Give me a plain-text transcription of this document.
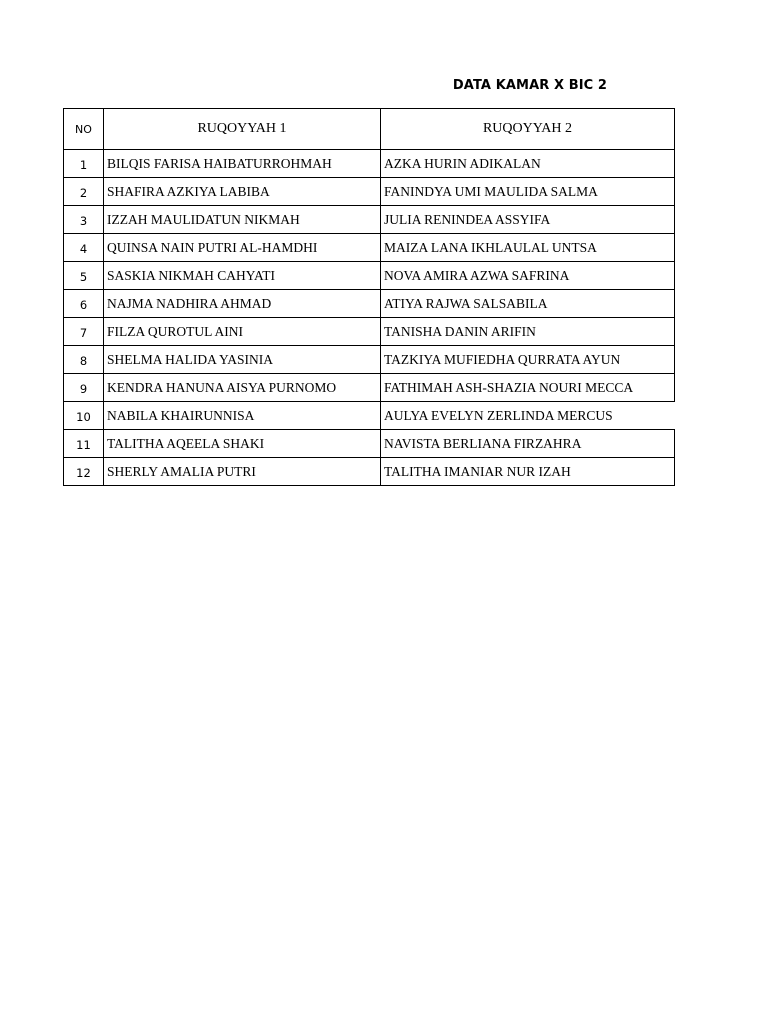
DATA KAMAR X BIC 2
NO	RUQOYYAH 1	RUQOYYAH 2
1	BILQIS FARISA HAIBATURROHMAH	AZKA HURIN ADIKALAN
2	SHAFIRA AZKIYA LABIBA	FANINDYA UMI MAULIDA SALMA
3	IZZAH MAULIDATUN NIKMAH	JULIA RENINDEA ASSYIFA
4	QUINSA NAIN PUTRI AL-HAMDHI	MAIZA LANA IKHLAULAL UNTSA
5	SASKIA NIKMAH CAHYATI	NOVA AMIRA AZWA SAFRINA
6	NAJMA NADHIRA AHMAD	ATIYA RAJWA SALSABILA
7	FILZA QUROTUL AINI	TANISHA DANIN ARIFIN
8	SHELMA HALIDA YASINIA	TAZKIYA MUFIEDHA QURRATA AYUN
9	KENDRA HANUNA AISYA PURNOMO	FATHIMAH ASH-SHAZIA NOURI MECCA
10	NABILA KHAIRUNNISA	AULYA EVELYN ZERLINDA MERCUS
11	TALITHA AQEELA SHAKI	NAVISTA BERLIANA FIRZAHRA
12	SHERLY AMALIA PUTRI	TALITHA IMANIAR NUR IZAH
